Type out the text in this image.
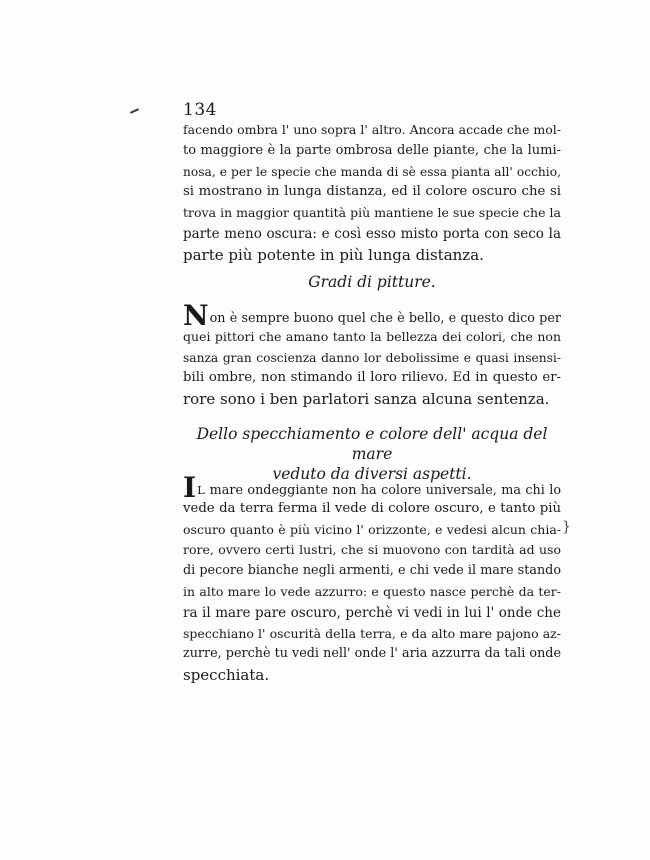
134
}
facendo ombra l' uno sopra l' altro. Ancora accade che mol-
to maggiore è la parte ombrosa delle piante, che la lumi-
nosa, e per le specie che manda di sè essa pianta all' occhio,
si mostrano in lunga distanza, ed il colore oscuro che si
trova in maggior quantità più mantiene le sue specie che la
parte meno oscura: e così esso misto porta con seco la
parte più potente in più lunga distanza.
Gradi di pitture.
Non è sempre buono quel che è bello, e questo dico per
quei pittori che amano tanto la bellezza dei colori, che non
sanza gran coscienza danno lor debolissime e quasi insensi-
bili ombre, non stimando il loro rilievo. Ed in questo er-
rore sono i ben parlatori sanza alcuna sentenza.
Dello specchiamento e colore dell' acqua del mare
veduto da diversi aspetti.
IL mare ondeggiante non ha colore universale, ma chi lo
vede da terra ferma il vede di colore oscuro, e tanto più
oscuro quanto è più vicino l' orizzonte, e vedesi alcun chia-
rore, ovvero certi lustri, che si muovono con tardità ad uso
di pecore bianche negli armenti, e chi vede il mare stando
in alto mare lo vede azzurro: e questo nasce perchè da ter-
ra il mare pare oscuro, perchè vi vedi in lui l' onde che
specchiano l' oscurità della terra, e da alto mare pajono az-
zurre, perchè tu vedi nell' onde l' aria azzurra da tali onde
specchiata.
